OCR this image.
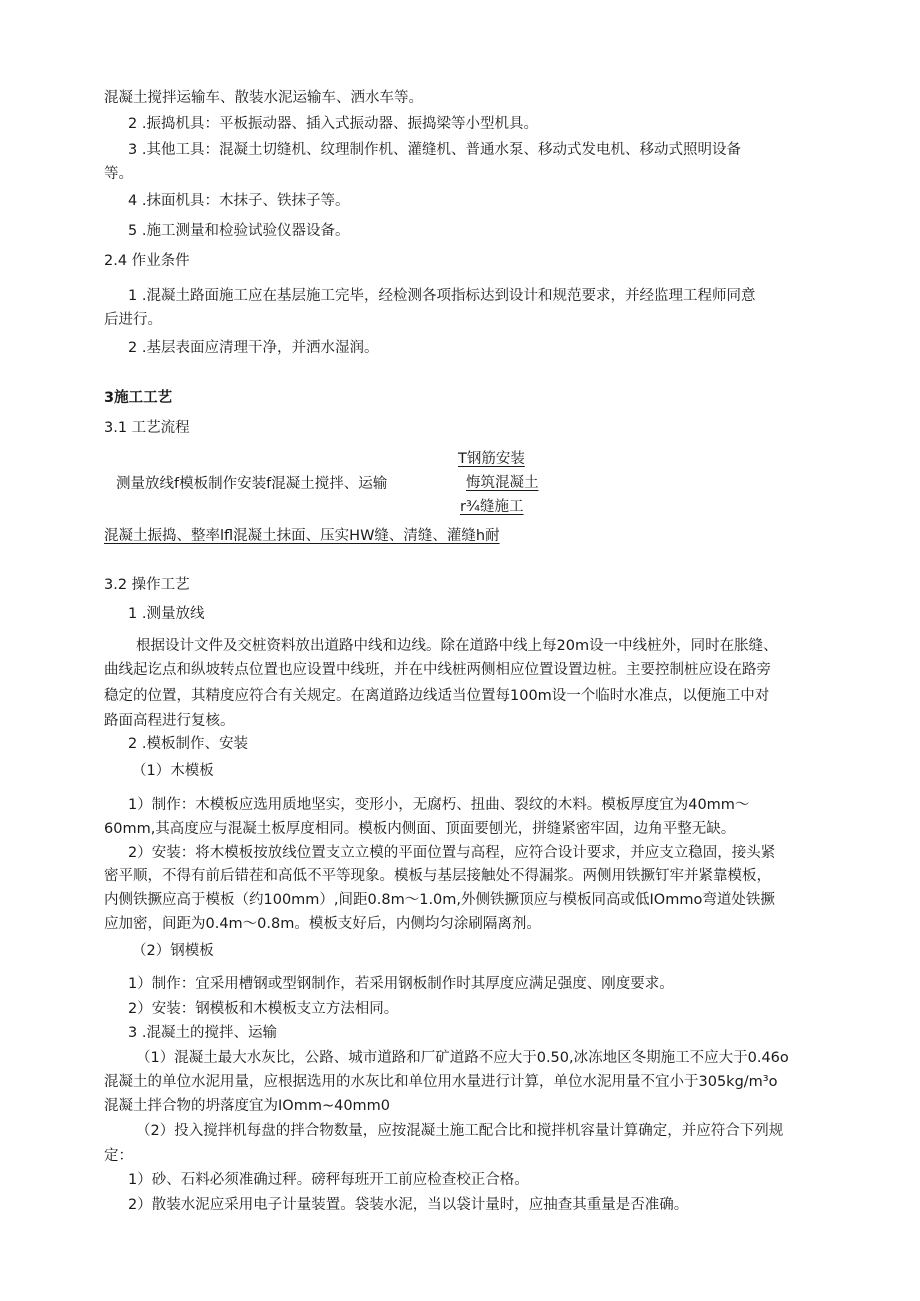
混凝土搅拌运输车、散装水泥运输车、洒水车等。
2 .振捣机具：平板振动器、插入式振动器、振捣梁等小型机具。
3 .其他工具：混凝土切缝机、纹理制作机、灌缝机、普通水泵、移动式发电机、移动式照明设备
等。
4 .抹面机具：木抹子、铁抹子等。
5 .施工测量和检验试验仪器设备。
2.4 作业条件
1 .混凝土路面施工应在基层施工完毕，经检测各项指标达到设计和规范要求，并经监理工程师同意
后进行。
2 .基层表面应清理干净，并洒水湿润。
3施工工艺
3.1 工艺流程
T钢筋安装
测量放线f模板制作安装f混凝土搅拌、运输	悔筑混凝土
r¾缝施工
混凝土振捣、整率lfl混凝土抹面、压实HW缝、清缝、灌缝h耐
3.2 操作工艺
1 .测量放线
根据设计文件及交桩资料放出道路中线和边线。除在道路中线上每20m设一中线桩外，同时在胀缝、
曲线起讫点和纵坡转点位置也应设置中线班，并在中线桩两侧相应位置设置边桩。主要控制桩应设在路旁
稳定的位置，其精度应符合有关规定。在离道路边线适当位置每100m设一个临时水准点，以便施工中对
路面高程进行复核。
2 .模板制作、安装
（1）木模板
1）制作：木模板应选用质地坚实，变形小，无腐朽、扭曲、裂纹的木料。模板厚度宜为40mm〜
60mm,其高度应与混凝土板厚度相同。模板内侧面、顶面要刨光，拼缝紧密牢固，边角平整无缺。
2）安装：将木模板按放线位置支立立模的平面位置与高程，应符合设计要求，并应支立稳固，接头紧
密平顺，不得有前后错茬和高低不平等现象。模板与基层接触处不得漏浆。两侧用铁撅钉牢并紧靠模板，
内侧铁撅应高于模板（约100mm）,间距0.8m〜1.0m,外侧铁撅顶应与模板同高或低IOmmo弯道处铁撅
应加密，间距为0.4m〜0.8m。模板支好后，内侧均匀涂刷隔离剂。
（2）钢模板
1）制作：宜采用槽钢或型钢制作，若采用钢板制作时其厚度应满足强度、刚度要求。
2）安装：钢模板和木模板支立方法相同。
3 .混凝土的搅拌、运输
（1）混凝土最大水灰比，公路、城市道路和厂矿道路不应大于0.50,冰冻地区冬期施工不应大于0.46o
混凝土的单位水泥用量，应根据选用的水灰比和单位用水量进行计算，单位水泥用量不宜小于305kg∕m³o
混凝土拌合物的坍落度宜为IOmm~40mm0
（2）投入搅拌机每盘的拌合物数量，应按混凝土施工配合比和搅拌机容量计算确定，并应符合下列规
定：
1）砂、石料必须准确过秤。磅秤每班开工前应检查校正合格。
2）散装水泥应采用电子计量装置。袋装水泥，当以袋计量时，应抽查其重量是否准确。
